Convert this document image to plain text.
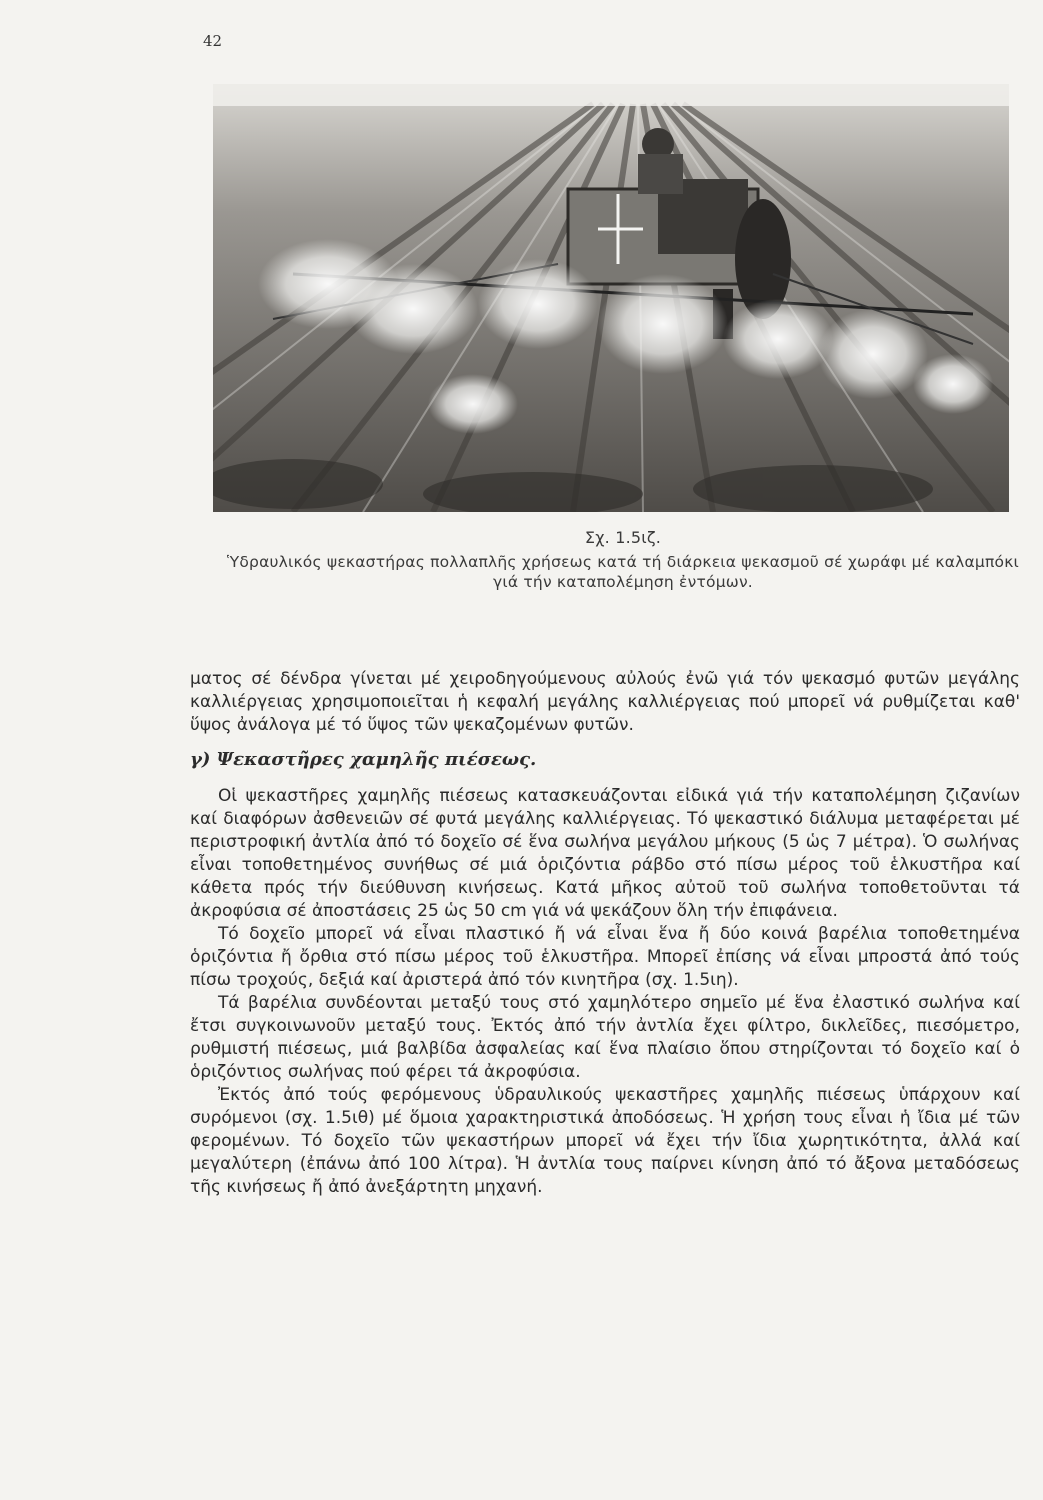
42
Σχ. 1.5ιζ.
Ὑδραυλικός ψεκαστήρας πολλαπλῆς χρήσεως κατά τή διάρκεια ψεκασμοῦ σέ χωράφι μέ καλαμπόκι γιά τήν καταπολέμηση ἐντόμων.

ματος σέ δένδρα γίνεται μέ χειροδηγούμενους αὐλούς ἐνῶ γιά τόν ψεκασμό φυτῶν μεγάλης καλλιέργειας χρησιμοποιεῖται ἡ κεφαλή μεγάλης καλλιέργειας πού μπορεῖ νά ρυθμίζεται καθ' ὕψος ἀνάλογα μέ τό ὕψος τῶν ψεκαζομένων φυτῶν.

γ) Ψεκαστῆρες χαμηλῆς πιέσεως.

Οἱ ψεκαστῆρες χαμηλῆς πιέσεως κατασκευάζονται εἰδικά γιά τήν καταπολέμηση ζιζανίων καί διαφόρων ἀσθενειῶν σέ φυτά μεγάλης καλλιέργειας. Τό ψεκαστικό διάλυμα μεταφέρεται μέ περιστροφική ἀντλία ἀπό τό δοχεῖο σέ ἕνα σωλήνα μεγάλου μήκους (5 ὡς 7 μέτρα). Ὁ σωλήνας εἶναι τοποθετημένος συνήθως σέ μιά ὁριζόντια ράβδο στό πίσω μέρος τοῦ ἑλκυστῆρα καί κάθετα πρός τήν διεύθυνση κινήσεως. Κατά μῆκος αὐτοῦ τοῦ σωλήνα τοποθετοῦνται τά ἀκροφύσια σέ ἀποστάσεις 25 ὡς 50 cm γιά νά ψεκάζουν ὅλη τήν ἐπιφάνεια.

Τό δοχεῖο μπορεῖ νά εἶναι πλαστικό ἤ νά εἶναι ἕνα ἤ δύο κοινά βαρέλια τοποθετημένα ὁριζόντια ἤ ὄρθια στό πίσω μέρος τοῦ ἑλκυστῆρα. Μπορεῖ ἐπίσης νά εἶναι μπροστά ἀπό τούς πίσω τροχούς, δεξιά καί ἀριστερά ἀπό τόν κινητῆρα (σχ. 1.5ιη).

Τά βαρέλια συνδέονται μεταξύ τους στό χαμηλότερο σημεῖο μέ ἕνα ἐλαστικό σωλήνα καί ἔτσι συγκοινωνοῦν μεταξύ τους. Ἐκτός ἀπό τήν ἀντλία ἔχει φίλτρο, δικλεῖδες, πιεσόμετρο, ρυθμιστή πιέσεως, μιά βαλβίδα ἀσφαλείας καί ἕνα πλαίσιο ὅπου στηρίζονται τό δοχεῖο καί ὁ ὁριζόντιος σωλήνας πού φέρει τά ἀκροφύσια.

Ἐκτός ἀπό τούς φερόμενους ὑδραυλικούς ψεκαστῆρες χαμηλῆς πιέσεως ὑπάρχουν καί συρόμενοι (σχ. 1.5ιθ) μέ ὅμοια χαρακτηριστικά ἀποδόσεως. Ἡ χρήση τους εἶναι ἡ ἴδια μέ τῶν φερομένων. Τό δοχεῖο τῶν ψεκαστήρων μπορεῖ νά ἔχει τήν ἴδια χωρητικότητα, ἀλλά καί μεγαλύτερη (ἐπάνω ἀπό 100 λίτρα). Ἡ ἀντλία τους παίρνει κίνηση ἀπό τό ἄξονα μεταδόσεως τῆς κινήσεως ἤ ἀπό ἀνεξάρτητη μηχανή.
